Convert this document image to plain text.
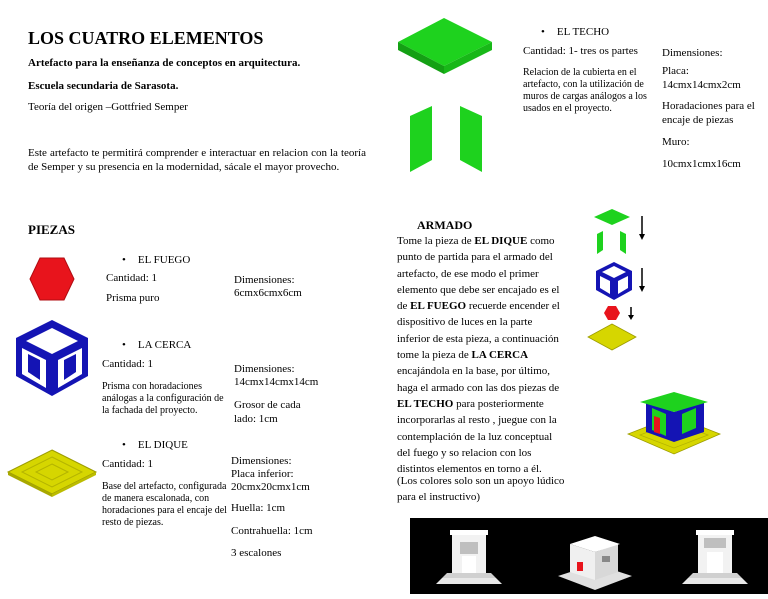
LOS CUATRO ELEMENTOS
Artefacto para la enseñanza de conceptos en arquitectura.
Escuela secundaria de Sarasota.
Teoría del origen –Gottfried Semper
Este artefacto te permitirá comprender e interactuar en relacion con la teoría de Semper y su presencia en la modernidad, sácale el mayor provecho.
PIEZAS
• EL FUEGO
Cantidad: 1
Prisma puro
Dimensiones: 6cmx6cmx6cm
• LA CERCA
Cantidad: 1
Prisma con horadaciones análogas a la configuración de la fachada del proyecto.
Dimensiones: 14cmx14cmx14cm
Grosor de cada lado: 1cm
• EL DIQUE
Cantidad: 1
Base del artefacto, configurada de manera escalonada, con horadaciones para el encaje del resto de piezas.
Dimensiones:
Placa inferior: 20cmx20cmx1cm
Huella: 1cm
Contrahuella: 1cm
3 escalones
• EL TECHO
Cantidad: 1- tres os partes
Relacion de la cubierta en el artefacto, con la utilización de muros de cargas análogos a los usados en el proyecto.
Dimensiones:
Placa: 14cmx14cmx2cm
Horadaciones para el encaje de piezas
Muro:
10cmx1cmx16cm
ARMADO
Tome la pieza de EL DIQUE como punto de partida para el armado del artefacto, de ese modo el primer elemento que debe ser encajado es el de EL FUEGO recuerde encender el dispositivo de luces en la parte inferior de esta pieza, a continuación tome la pieza de LA CERCA encajándola en la base, por último, haga el armado con las dos piezas de EL TECHO para posteriormente incorporarlas al resto , juegue con la contemplación de la luz conceptual del fuego y so relacion con los distintos elementos en torno a él.
(Los colores solo son un apoyo lúdico para el instructivo)
